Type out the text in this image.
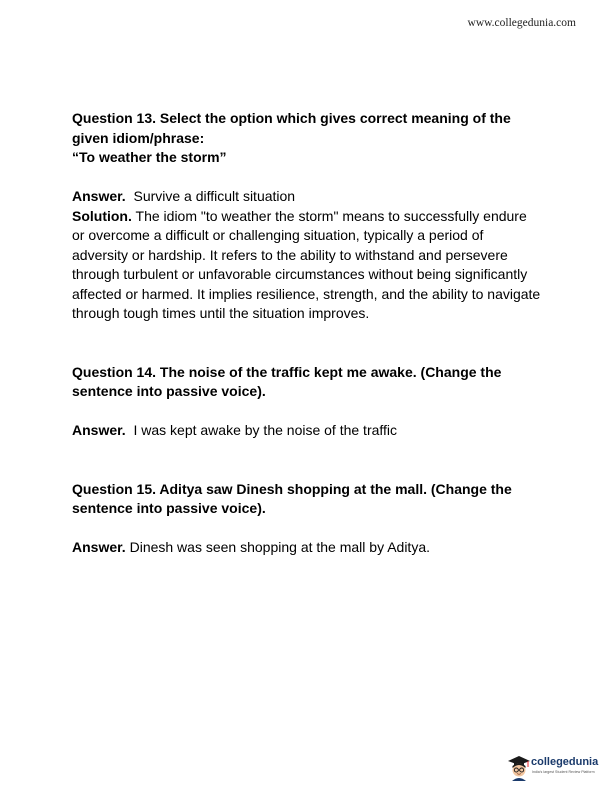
www.collegedunia.com

Question 13. Select the option which gives correct meaning of the

given idiom/phrase:

“To weather the storm”

Answer.  Survive a difficult situation

Solution. The idiom "to weather the storm" means to successfully endure

or overcome a difficult or challenging situation, typically a period of

adversity or hardship. It refers to the ability to withstand and persevere

through turbulent or unfavorable circumstances without being significantly

affected or harmed. It implies resilience, strength, and the ability to navigate

through tough times until the situation improves.

Question 14. The noise of the traffic kept me awake. (Change the

sentence into passive voice).

Answer.  I was kept awake by the noise of the traffic

Question 15. Aditya saw Dinesh shopping at the mall. (Change the

sentence into passive voice).

Answer. Dinesh was seen shopping at the mall by Aditya.

collegedunia
India's largest Student Review Platform
